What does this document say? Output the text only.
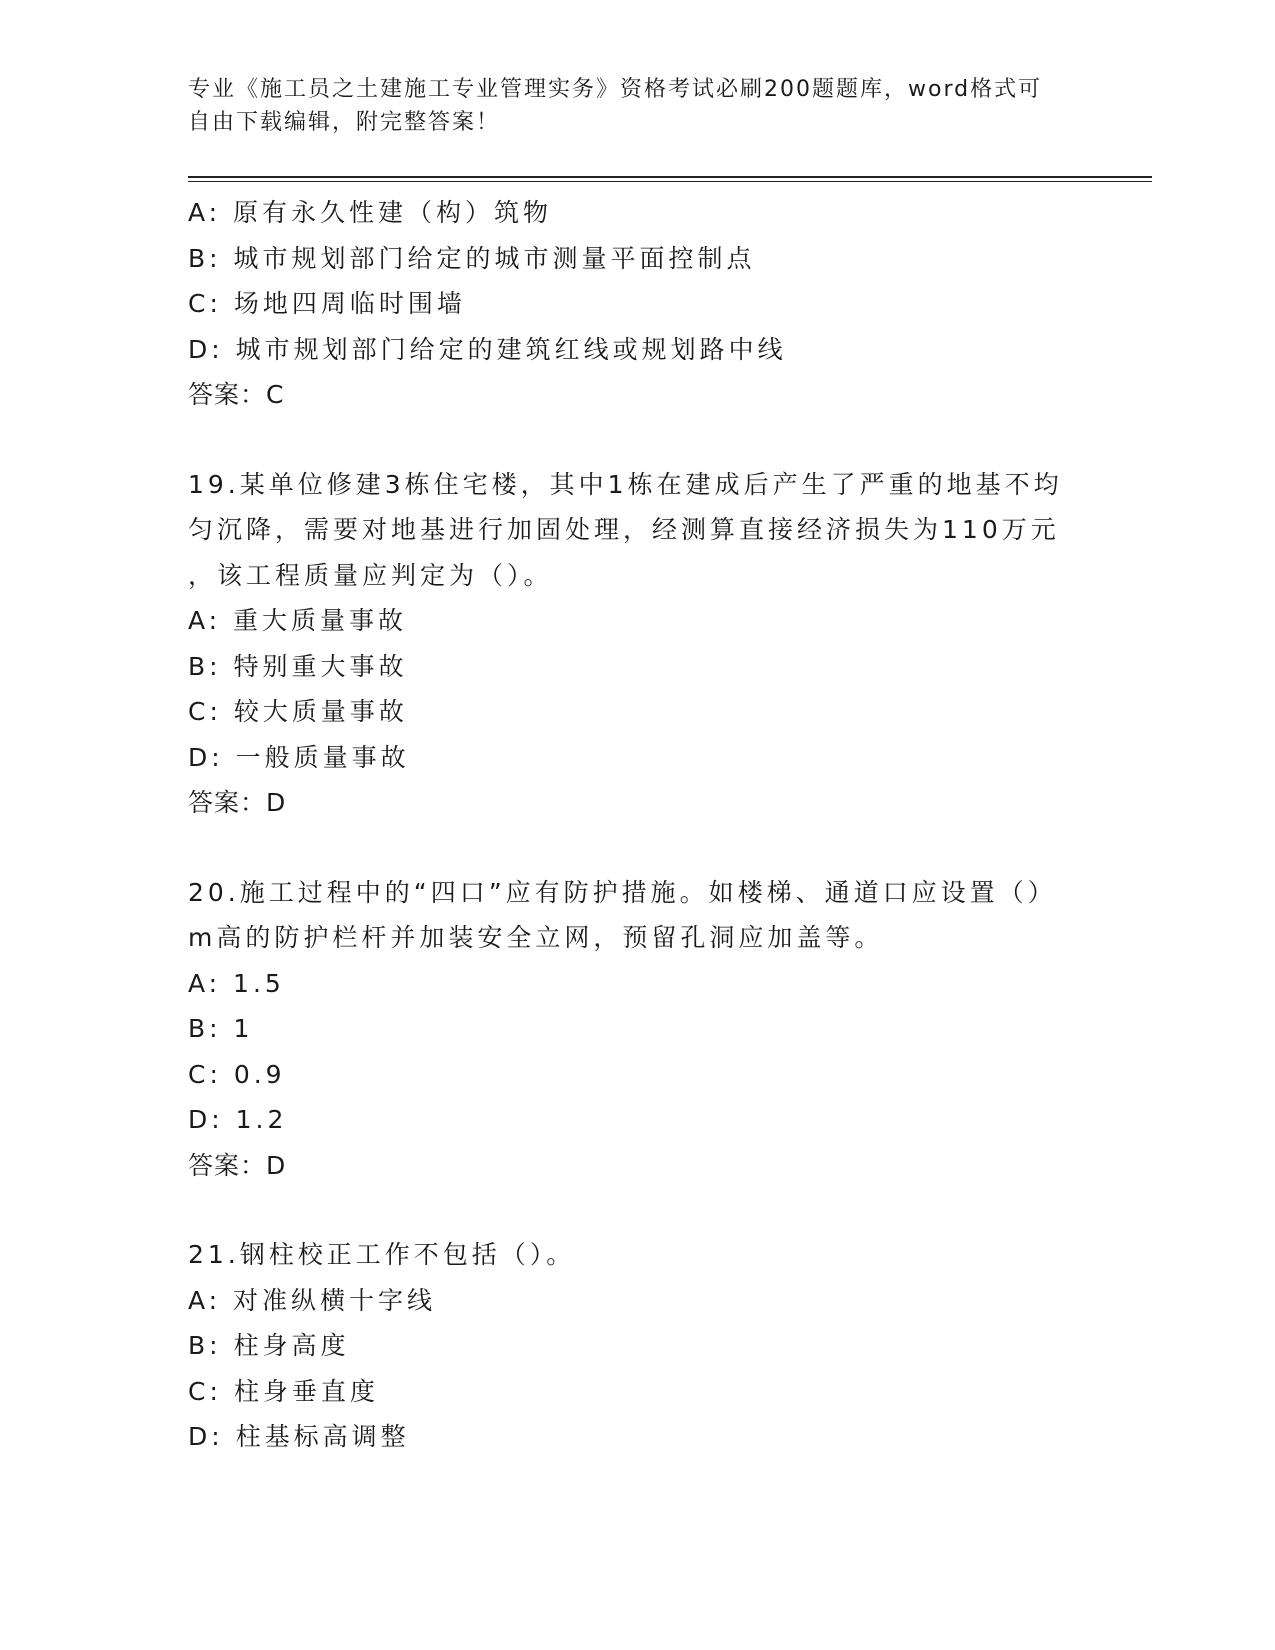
专业《施工员之土建施工专业管理实务》资格考试必刷200题题库，word格式可
自由下载编辑，附完整答案！
A: 原有永久性建（构）筑物
B: 城市规划部门给定的城市测量平面控制点
C: 场地四周临时围墙
D: 城市规划部门给定的建筑红线或规划路中线
答案：C
19.某单位修建3栋住宅楼，其中1栋在建成后产生了严重的地基不均
匀沉降，需要对地基进行加固处理，经测算直接经济损失为110万元
，该工程质量应判定为（）。
A: 重大质量事故
B: 特别重大事故
C: 较大质量事故
D: 一般质量事故
答案：D
20.施工过程中的“四口”应有防护措施。如楼梯、通道口应设置（）
m高的防护栏杆并加装安全立网，预留孔洞应加盖等。
A: 1.5
B: 1
C: 0.9
D: 1.2
答案：D
21.钢柱校正工作不包括（）。
A: 对准纵横十字线
B: 柱身高度
C: 柱身垂直度
D: 柱基标高调整
